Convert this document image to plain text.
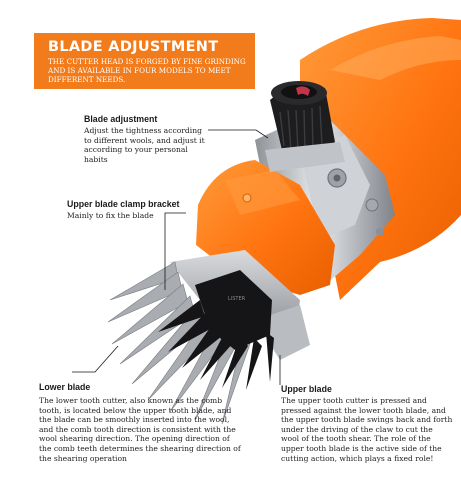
LISTER
BLADE ADJUSTMENT
THE CUTTER HEAD IS FORGED BY FINE GRINDING AND IS AVAILABLE IN FOUR MODELS TO MEET DIFFERENT NEEDS.
Blade adjustment
Adjust the tightness according to different wools, and adjust it according to your personal habits
Upper blade clamp bracket
Mainly to fix the blade
Lower blade
The lower tooth cutter, also known as the comb tooth, is located below the upper tooth blade, and the blade can be smoothly inserted into the wool, and the comb tooth direction is consistent with the wool shearing direction. The opening direction of the comb teeth determines the shearing direction of the shearing operation
Upper blade
The upper tooth cutter is pressed and pressed against the lower tooth blade, and the upper tooth blade swings back and forth under the driving of the claw to cut the wool of the tooth shear. The role of the upper tooth blade is the active side of the cutting action, which plays a fixed role!
